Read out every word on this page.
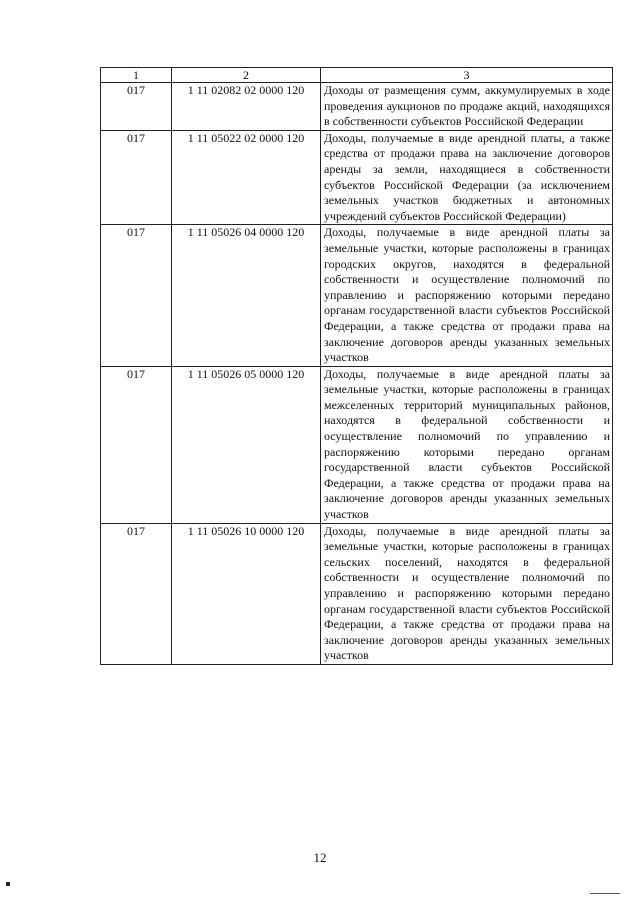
1	2	3
017	1 11 02082 02 0000 120	Доходы от размещения сумм, аккумулируемых в ходе проведения аукционов по продаже акций, находящихся в собственности субъектов Российской Федерации
017	1 11 05022 02 0000 120	Доходы, получаемые в виде арендной платы, а также средства от продажи права на заключение договоров аренды за земли, находящиеся в собственности субъектов Российской Федерации (за исключением земельных участков бюджетных и автономных учреждений субъектов Российской Федерации)
017	1 11 05026 04 0000 120	Доходы, получаемые в виде арендной платы за земельные участки, которые расположены в границах городских округов, находятся в федеральной собственности и осуществление полномочий по управлению и распоряжению которыми передано органам государственной власти субъектов Российской Федерации, а также средства от продажи права на заключение договоров аренды указанных земельных участков
017	1 11 05026 05 0000 120	Доходы, получаемые в виде арендной платы за земельные участки, которые расположены в границах межселенных территорий муниципальных районов, находятся в федеральной собственности и осуществление полномочий по управлению и распоряжению которыми передано органам государственной власти субъектов Российской Федерации, а также средства от продажи права на заключение договоров аренды указанных земельных участков
017	1 11 05026 10 0000 120	Доходы, получаемые в виде арендной платы за земельные участки, которые расположены в границах сельских поселений, находятся в федеральной собственности и осуществление полномочий по управлению и распоряжению которыми передано органам государственной власти субъектов Российской Федерации, а также средства от продажи права на заключение договоров аренды указанных земельных участков
12
